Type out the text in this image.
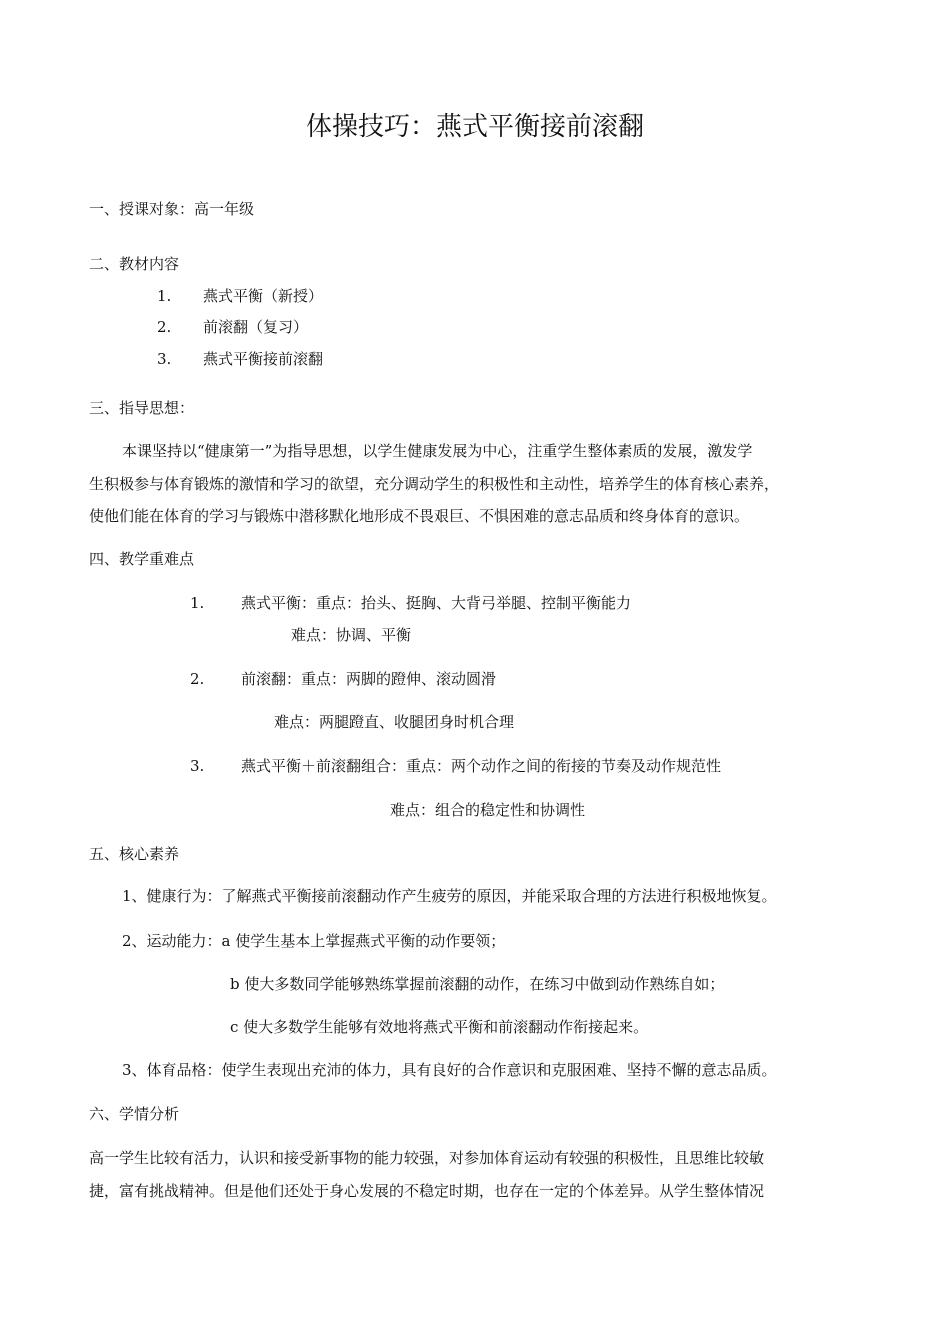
体操技巧：燕式平衡接前滚翻
一、授课对象：高一年级
二、教材内容
1. 燕式平衡（新授）
2. 前滚翻（复习）
3. 燕式平衡接前滚翻
三、指导思想：
本课坚持以“健康第一”为指导思想，以学生健康发展为中心，注重学生整体素质的发展，激发学
生积极参与体育锻炼的激情和学习的欲望，充分调动学生的积极性和主动性，培养学生的体育核心素养，
使他们能在体育的学习与锻炼中潜移默化地形成不畏艰巨、不惧困难的意志品质和终身体育的意识。
四、教学重难点
1. 燕式平衡：重点：抬头、挺胸、大背弓举腿、控制平衡能力
难点：协调、平衡
2. 前滚翻：重点：两脚的蹬伸、滚动圆滑
难点：两腿蹬直、收腿团身时机合理
3. 燕式平衡＋前滚翻组合：重点：两个动作之间的衔接的节奏及动作规范性
难点：组合的稳定性和协调性
五、核心素养
1、健康行为：了解燕式平衡接前滚翻动作产生疲劳的原因，并能采取合理的方法进行积极地恢复。
2、运动能力：a 使学生基本上掌握燕式平衡的动作要领；
b 使大多数同学能够熟练掌握前滚翻的动作，在练习中做到动作熟练自如；
c 使大多数学生能够有效地将燕式平衡和前滚翻动作衔接起来。
3、体育品格：使学生表现出充沛的体力，具有良好的合作意识和克服困难、坚持不懈的意志品质。
六、学情分析
高一学生比较有活力，认识和接受新事物的能力较强，对参加体育运动有较强的积极性，且思维比较敏
捷，富有挑战精神。但是他们还处于身心发展的不稳定时期，也存在一定的个体差异。从学生整体情况
